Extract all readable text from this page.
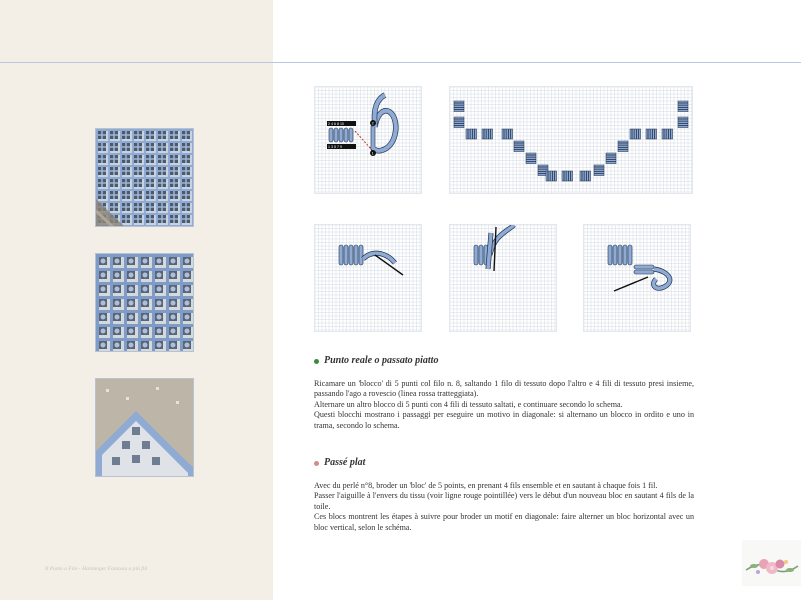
Il Punto a Filo - Hardanger Fantasia a più fili
2 4 6 8 10
1 3 5 7 9
2
1
Punto reale o passato piatto

Ricamare un 'blocco' di 5 punti col filo n. 8, saltando 1 filo di tessuto dopo l'altro e 4 fili di tessuto presi insieme, passando l'ago a rovescio (linea rossa tratteggiata).

Alternare un altro blocco di 5 punti con 4 fili di tessuto saltati, e continuare secondo lo schema.

Questi blocchi mostrano i passaggi per eseguire un motivo in diagonale: si alternano un blocco in ordito e uno in trama, secondo lo schema.

Passé plat

Avec du perlé n°8, broder un 'bloc' de 5 points, en prenant 4 fils ensemble et en sautant à chaque fois 1 fil.

Passer l'aiguille à l'envers du tissu (voir ligne rouge pointillée) vers le début d'un nouveau bloc en sautant 4 fils de la toile.

Ces blocs montrent les étapes à suivre pour broder un motif en diagonale: faire alterner un bloc horizontal avec un bloc vertical, selon le schéma.
